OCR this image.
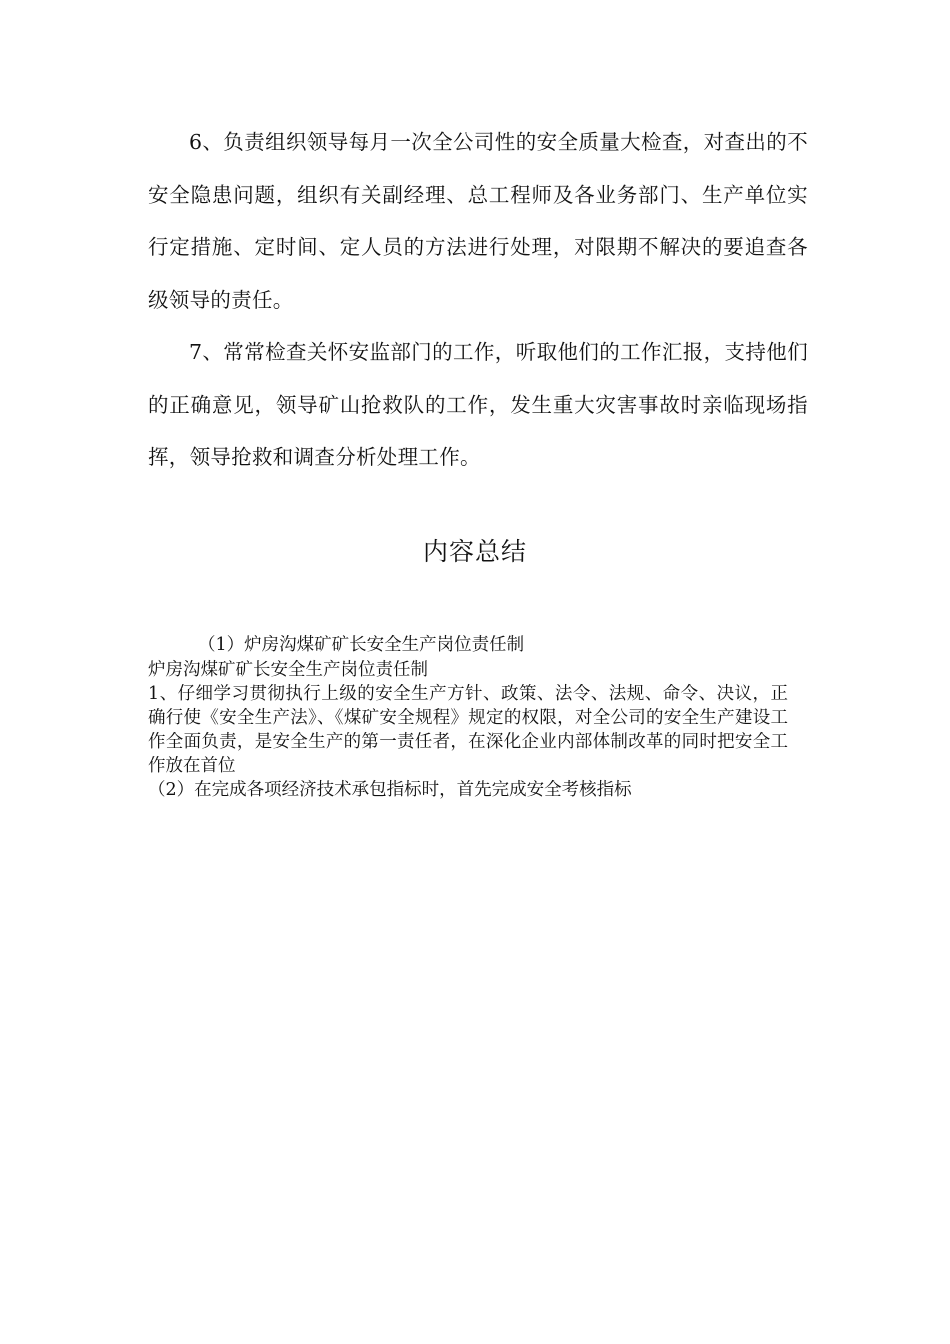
6、负责组织领导每月一次全公司性的安全质量大检查，对查出的不安全隐患问题，组织有关副经理、总工程师及各业务部门、生产单位实行定措施、定时间、定人员的方法进行处理，对限期不解决的要追查各级领导的责任。

7、常常检查关怀安监部门的工作，听取他们的工作汇报，支持他们的正确意见，领导矿山抢救队的工作，发生重大灾害事故时亲临现场指挥，领导抢救和调查分析处理工作。

内容总结

（1）炉房沟煤矿矿长安全生产岗位责任制

炉房沟煤矿矿长安全生产岗位责任制

1、仔细学习贯彻执行上级的安全生产方针、政策、法令、法规、命令、决议，正确行使《安全生产法》、《煤矿安全规程》规定的权限，对全公司的安全生产建设工作全面负责，是安全生产的第一责任者，在深化企业内部体制改革的同时把安全工作放在首位

（2）在完成各项经济技术承包指标时，首先完成安全考核指标
